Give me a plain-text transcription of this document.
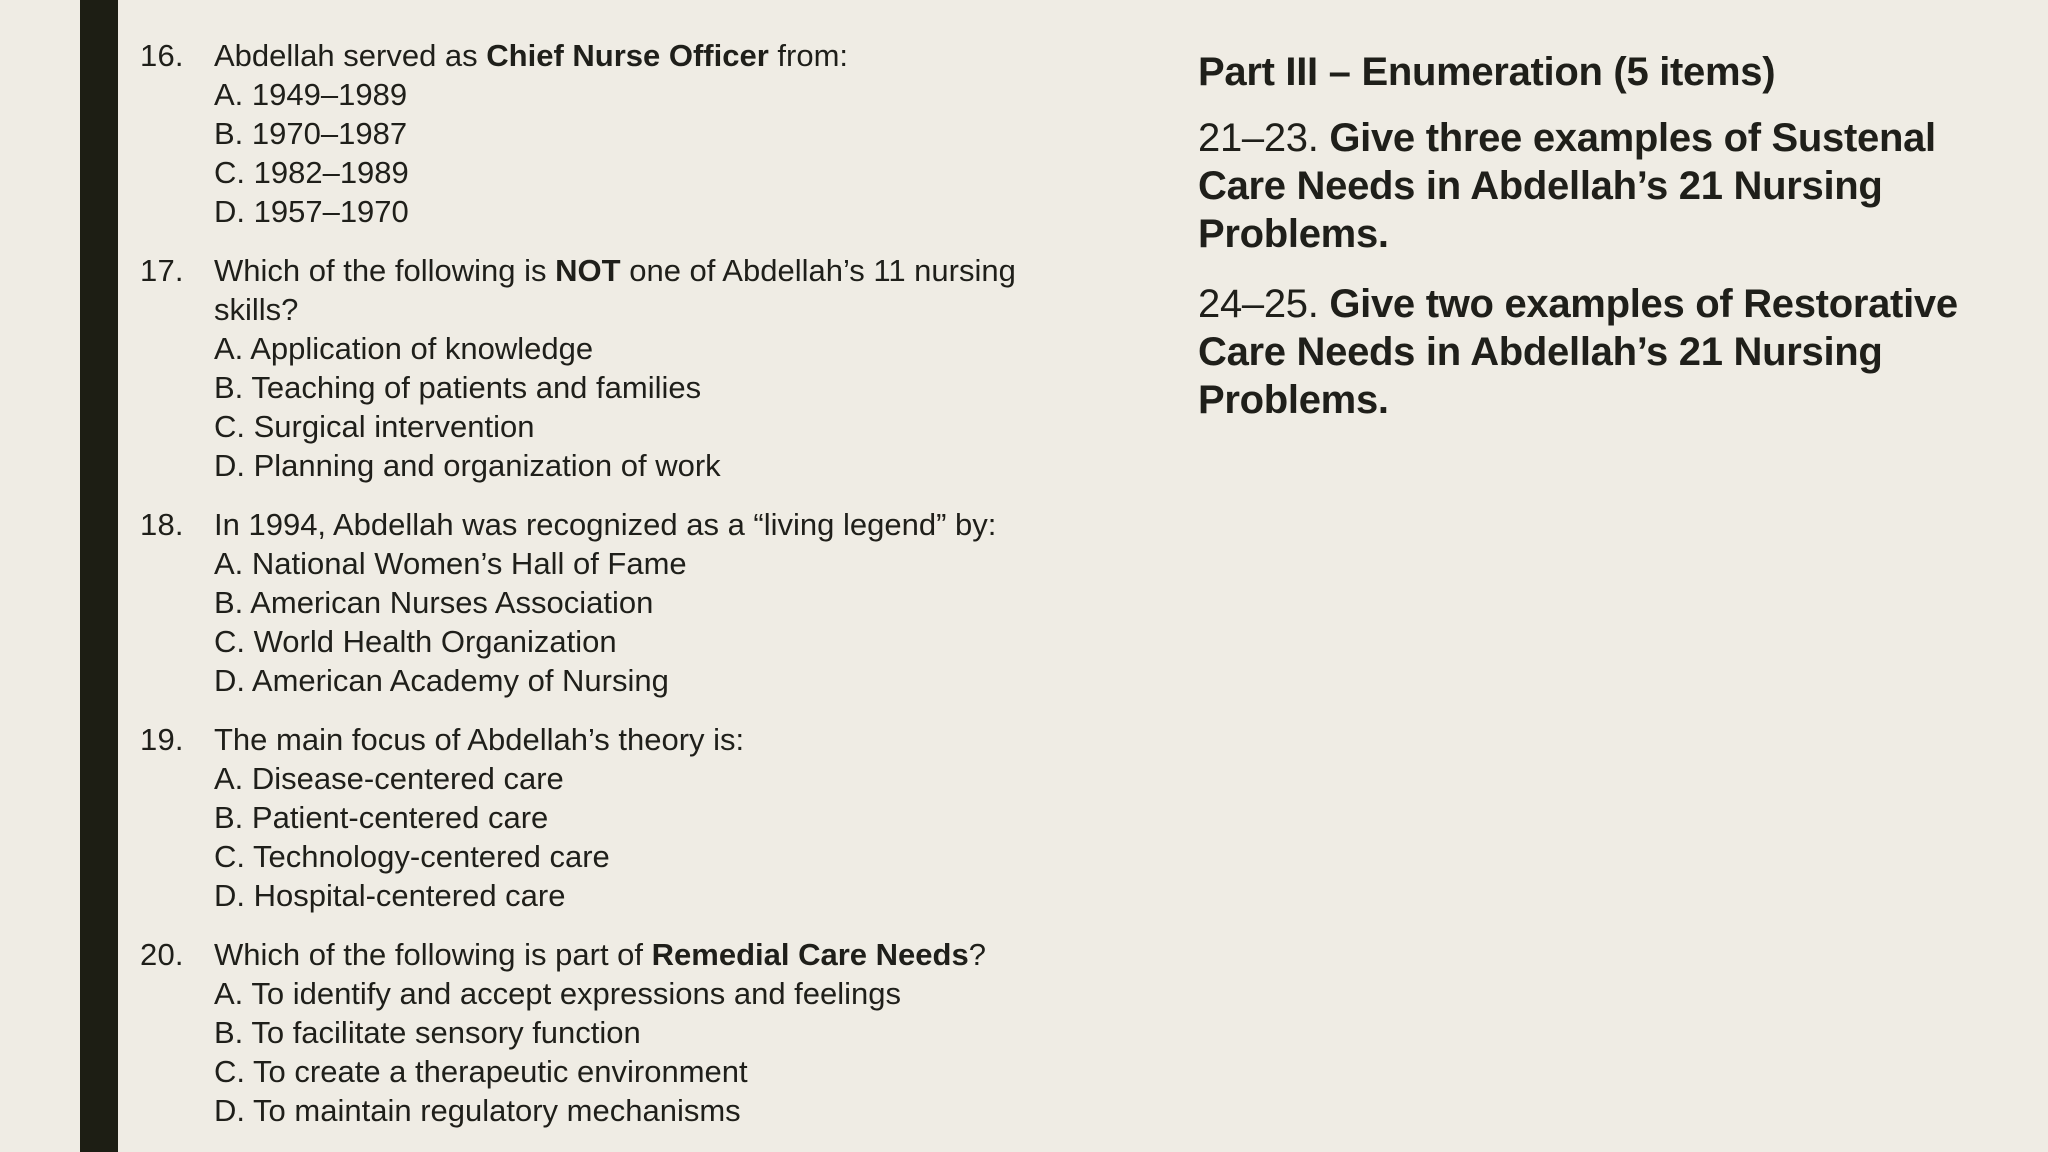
16. Abdellah served as Chief Nurse Officer from:
A. 1949–1989
B. 1970–1987
C. 1982–1989
D. 1957–1970
17. Which of the following is NOT one of Abdellah’s 11 nursing skills?
A. Application of knowledge
B. Teaching of patients and families
C. Surgical intervention
D. Planning and organization of work
18. In 1994, Abdellah was recognized as a “living legend” by:
A. National Women’s Hall of Fame
B. American Nurses Association
C. World Health Organization
D. American Academy of Nursing
19. The main focus of Abdellah’s theory is:
A. Disease-centered care
B. Patient-centered care
C. Technology-centered care
D. Hospital-centered care
20. Which of the following is part of Remedial Care Needs?
A. To identify and accept expressions and feelings
B. To facilitate sensory function
C. To create a therapeutic environment
D. To maintain regulatory mechanisms
Part III – Enumeration (5 items)
21–23. Give three examples of Sustenal Care Needs in Abdellah’s 21 Nursing Problems.
24–25. Give two examples of Restorative Care Needs in Abdellah’s 21 Nursing Problems.
